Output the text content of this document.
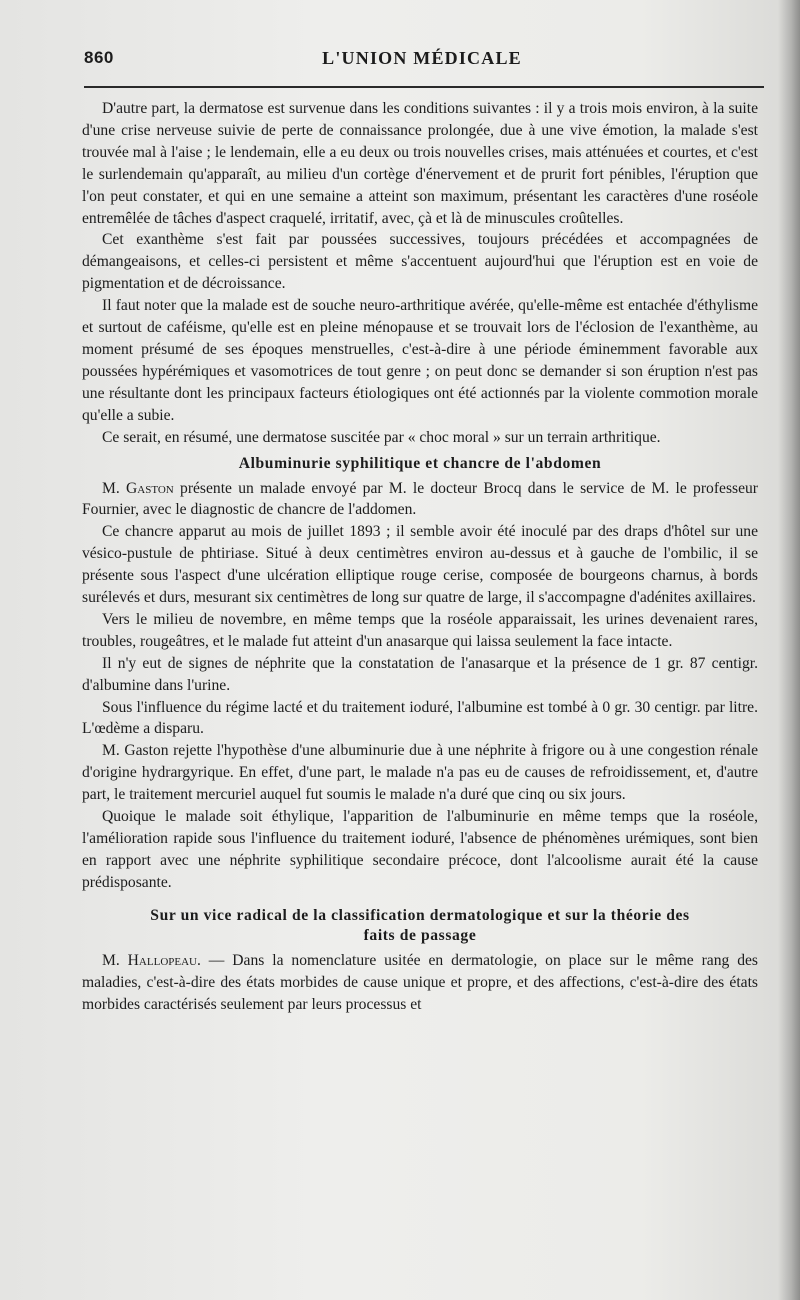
860	L'UNION MÉDICALE

D'autre part, la dermatose est survenue dans les conditions suivantes : il y a trois mois environ, à la suite d'une crise nerveuse suivie de perte de connaissance prolongée, due à une vive émotion, la malade s'est trouvée mal à l'aise ; le lendemain, elle a eu deux ou trois nouvelles crises, mais atténuées et courtes, et c'est le surlendemain qu'apparaît, au milieu d'un cortège d'énervement et de prurit fort pénibles, l'éruption que l'on peut constater, et qui en une semaine a atteint son maximum, présentant les caractères d'une roséole entremêlée de tâches d'aspect craquelé, irritatif, avec, çà et là de minuscules croûtelles.

Cet exanthème s'est fait par poussées successives, toujours précédées et accompagnées de démangeaisons, et celles-ci persistent et même s'accentuent aujourd'hui que l'éruption est en voie de pigmentation et de décroissance.

Il faut noter que la malade est de souche neuro-arthritique avérée, qu'elle-même est entachée d'éthylisme et surtout de caféisme, qu'elle est en pleine ménopause et se trouvait lors de l'éclosion de l'exanthème, au moment présumé de ses époques menstruelles, c'est-à-dire à une période éminemment favorable aux poussées hypérémiques et vasomotrices de tout genre ; on peut donc se demander si son éruption n'est pas une résultante dont les principaux facteurs étiologiques ont été actionnés par la violente commotion morale qu'elle a subie.

Ce serait, en résumé, une dermatose suscitée par « choc moral » sur un terrain arthritique.

Albuminurie syphilitique et chancre de l'abdomen

M. Gaston présente un malade envoyé par M. le docteur Brocq dans le service de M. le professeur Fournier, avec le diagnostic de chancre de l'addomen.

Ce chancre apparut au mois de juillet 1893 ; il semble avoir été inoculé par des draps d'hôtel sur une vésico-pustule de phtiriase. Situé à deux centimètres environ au-dessus et à gauche de l'ombilic, il se présente sous l'aspect d'une ulcération elliptique rouge cerise, composée de bourgeons charnus, à bords surélevés et durs, mesurant six centimètres de long sur quatre de large, il s'accompagne d'adénites axillaires.

Vers le milieu de novembre, en même temps que la roséole apparaissait, les urines devenaient rares, troubles, rougeâtres, et le malade fut atteint d'un anasarque qui laissa seulement la face intacte.

Il n'y eut de signes de néphrite que la constatation de l'anasarque et la présence de 1 gr. 87 centigr. d'albumine dans l'urine.

Sous l'influence du régime lacté et du traitement ioduré, l'albumine est tombé à 0 gr. 30 centigr. par litre. L'œdème a disparu.

M. Gaston rejette l'hypothèse d'une albuminurie due à une néphrite à frigore ou à une congestion rénale d'origine hydrargyrique. En effet, d'une part, le malade n'a pas eu de causes de refroidissement, et, d'autre part, le traitement mercuriel auquel fut soumis le malade n'a duré que cinq ou six jours.

Quoique le malade soit éthylique, l'apparition de l'albuminurie en même temps que la roséole, l'amélioration rapide sous l'influence du traitement ioduré, l'absence de phénomènes urémiques, sont bien en rapport avec une néphrite syphilitique secondaire précoce, dont l'alcoolisme aurait été la cause prédisposante.

Sur un vice radical de la classification dermatologique et sur la théorie des
faits de passage

M. Hallopeau. — Dans la nomenclature usitée en dermatologie, on place sur le même rang des maladies, c'est-à-dire des états morbides de cause unique et propre, et des affections, c'est-à-dire des états morbides caractérisés seulement par leurs processus et
